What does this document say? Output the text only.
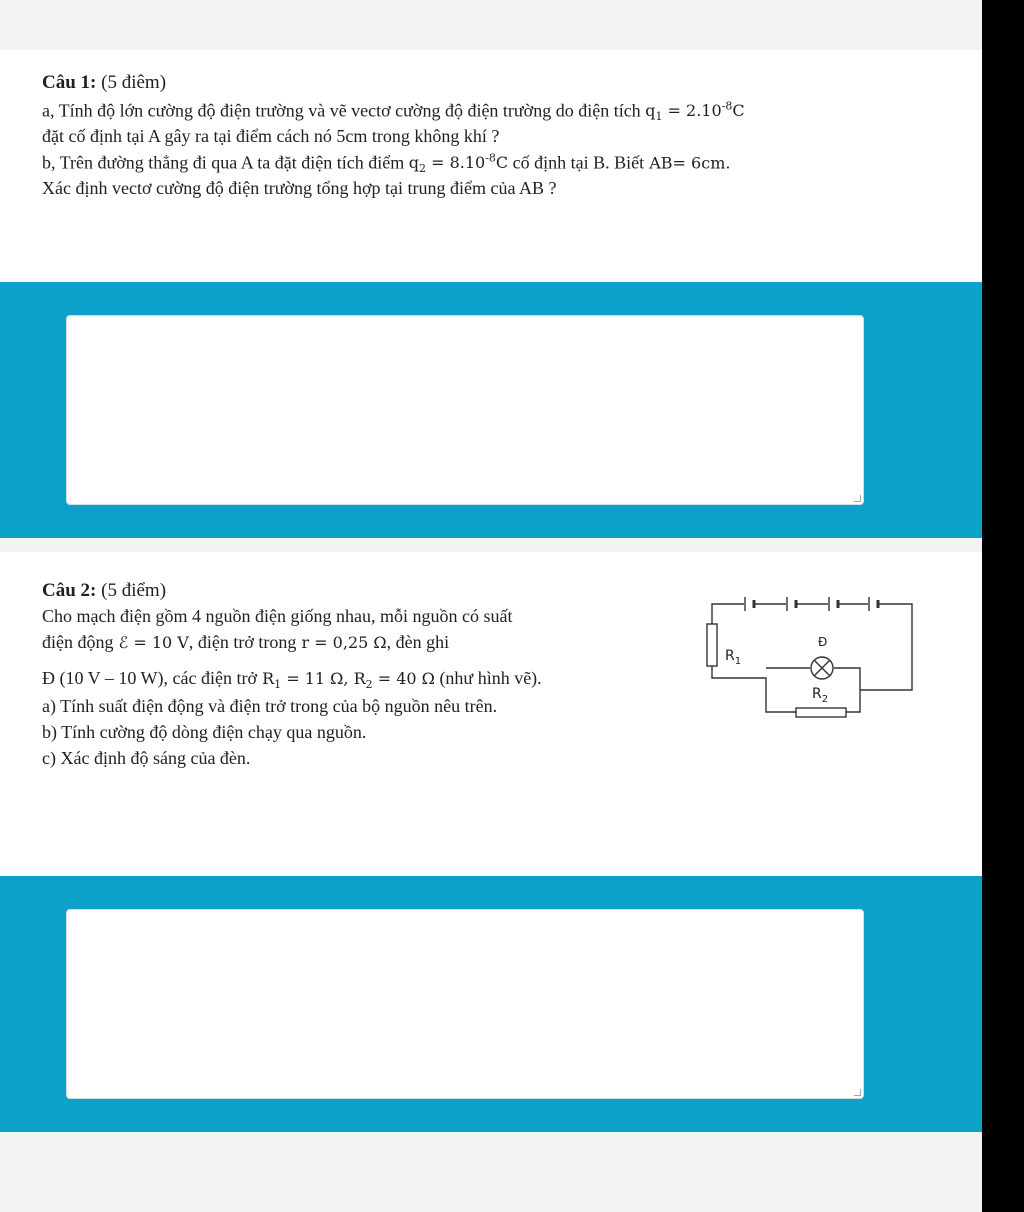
Câu 1: (5 điêm)
a, Tính độ lớn cường độ điện trường và vẽ vectơ cường độ điện trường do điện tích $q_1 = 2.10^{-8}C$
đặt cố định tại A gây ra tại điểm cách nó 5cm trong không khí ?
b, Trên đường thẳng đi qua A ta đặt điện tích điểm $q_2 = 8.10^{-8}C$ cố định tại B. Biết AB= 6cm.
Xác định vectơ cường độ điện trường tổng hợp tại trung điểm của AB ?
Câu 2: (5 điểm)
Cho mạch điện gồm 4 nguồn điện giống nhau, mỗi nguồn có suất
điện động ℰ = 10 V, điện trở trong r = 0,25 Ω, đèn ghi
Đ (10 V – 10 W), các điện trở $R_1 = 11$ Ω, $R_2 = 40$ Ω (như hình vẽ).
a) Tính suất điện động và điện trở trong của bộ nguồn nêu trên.
b) Tính cường độ dòng điện chạy qua nguồn.
c) Xác định độ sáng của đèn.
$R_1$
Đ
$R_2$
